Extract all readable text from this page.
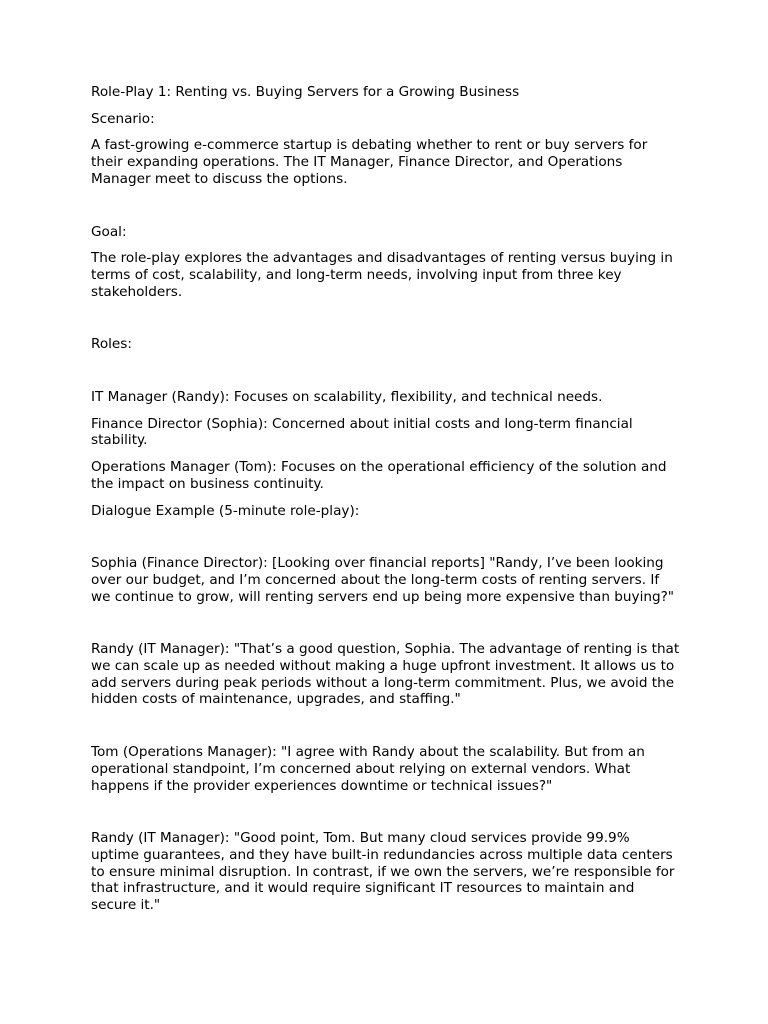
Role-Play 1: Renting vs. Buying Servers for a Growing Business

Scenario:

A fast-growing e-commerce startup is debating whether to rent or buy servers for their expanding operations. The IT Manager, Finance Director, and Operations Manager meet to discuss the options.

Goal:

The role-play explores the advantages and disadvantages of renting versus buying in terms of cost, scalability, and long-term needs, involving input from three key stakeholders.

Roles:

IT Manager (Randy): Focuses on scalability, flexibility, and technical needs.

Finance Director (Sophia): Concerned about initial costs and long-term financial stability.

Operations Manager (Tom): Focuses on the operational efficiency of the solution and the impact on business continuity.

Dialogue Example (5-minute role-play):

Sophia (Finance Director): [Looking over financial reports] "Randy, I’ve been looking over our budget, and I’m concerned about the long-term costs of renting servers. If we continue to grow, will renting servers end up being more expensive than buying?"

Randy (IT Manager): "That’s a good question, Sophia. The advantage of renting is that we can scale up as needed without making a huge upfront investment. It allows us to add servers during peak periods without a long-term commitment. Plus, we avoid the hidden costs of maintenance, upgrades, and staffing."

Tom (Operations Manager): "I agree with Randy about the scalability. But from an operational standpoint, I’m concerned about relying on external vendors. What happens if the provider experiences downtime or technical issues?"

Randy (IT Manager): "Good point, Tom. But many cloud services provide 99.9% uptime guarantees, and they have built-in redundancies across multiple data centers to ensure minimal disruption. In contrast, if we own the servers, we’re responsible for that infrastructure, and it would require significant IT resources to maintain and secure it."
